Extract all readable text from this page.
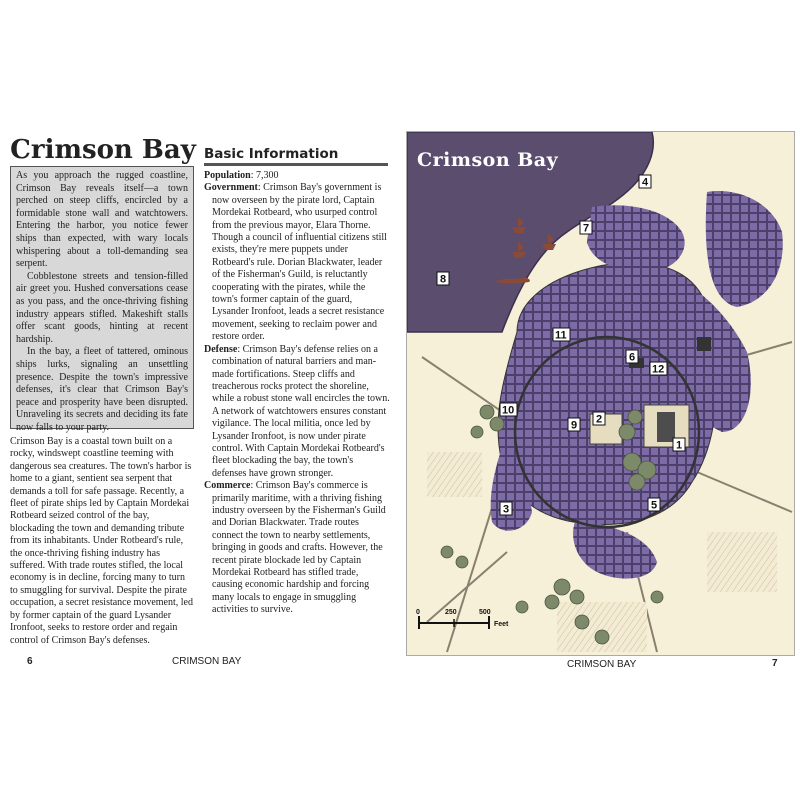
Crimson Bay

As you approach the rugged coastline, Crimson Bay reveals itself—a town perched on steep cliffs, encircled by a formidable stone wall and watchtowers. Entering the harbor, you notice fewer ships than expected, with wary locals whispering about a toll-demanding sea serpent.

Cobblestone streets and tension-filled air greet you. Hushed conversations cease as you pass, and the once-thriving fishing industry appears stifled. Makeshift stalls offer scant goods, hinting at recent hardship.

In the bay, a fleet of tattered, ominous ships lurks, signaling an unsettling presence. Despite the town's impressive defenses, it's clear that Crimson Bay's peace and prosperity have been disrupted. Unraveling its secrets and deciding its fate now falls to your party.

Crimson Bay is a coastal town built on a rocky, windswept coastline teeming with dangerous sea creatures. The town's harbor is home to a giant, sentient sea serpent that demands a toll for safe passage. Recently, a fleet of pirate ships led by Captain Mordekai Rotbeard seized control of the bay, blockading the town and demanding tribute from its inhabitants. Under Rotbeard's rule, the once-thriving fishing industry has suffered. With trade routes stifled, the local economy is in decline, forcing many to turn to smuggling for survival. Despite the pirate occupation, a secret resistance movement, led by former captain of the guard Lysander Ironfoot, seeks to restore order and regain control of Crimson Bay's defenses.

Basic Information

Population: 7,300

Government: Crimson Bay's government is now overseen by the pirate lord, Captain Mordekai Rotbeard, who usurped control from the previous mayor, Elara Thorne. Though a council of influential citizens still exists, they're mere puppets under Rotbeard's rule. Dorian Blackwater, leader of the Fisherman's Guild, is reluctantly cooperating with the pirates, while the town's former captain of the guard, Lysander Ironfoot, leads a secret resistance movement, seeking to reclaim power and restore order.

Defense: Crimson Bay's defense relies on a combination of natural barriers and man-made fortifications. Steep cliffs and treacherous rocks protect the shoreline, while a robust stone wall encircles the town. A network of watchtowers ensures constant vigilance. The local militia, once led by Lysander Ironfoot, is now under pirate control. With Captain Mordekai Rotbeard's fleet blockading the bay, the town's defenses have grown stronger.

Commerce: Crimson Bay's commerce is primarily maritime, with a thriving fishing industry overseen by the Fisherman's Guild and Dorian Blackwater. Trade routes connect the town to nearby settlements, bringing in goods and crafts. However, the recent pirate blockade led by Captain Mordekai Rotbeard has stifled trade, causing economic hardship and forcing many locals to engage in smuggling activities to survive.

6	CRIMSON BAY	CRIMSON BAY	7
Crimson Bay
1
2
3
4
5
6
7
8
9
10
11
12
0	250	500
Feet
